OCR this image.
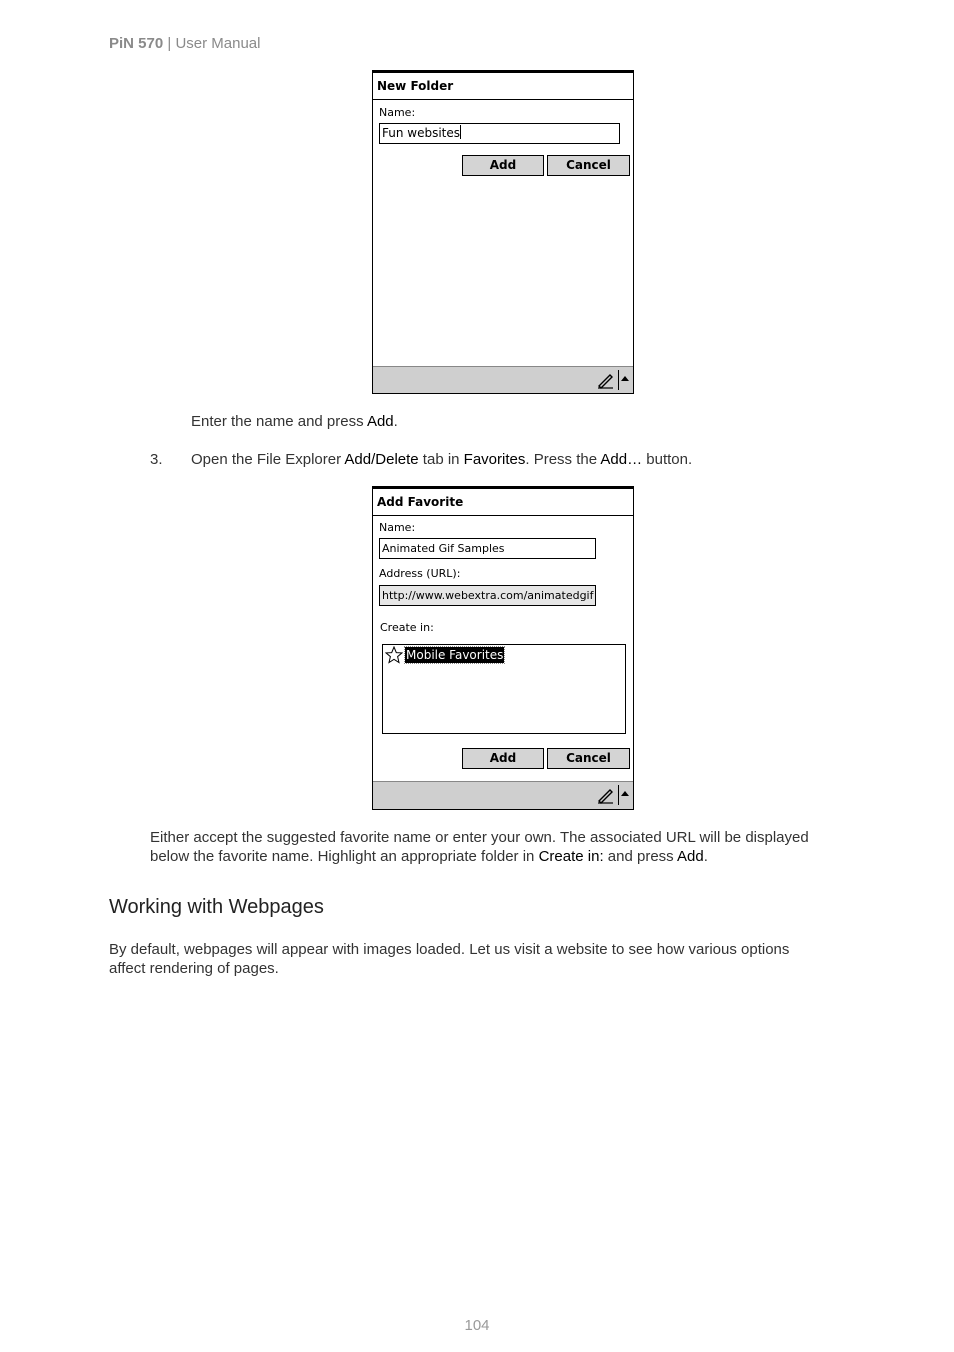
PiN 570 | User Manual
New Folder
Name:
Fun websites
Add	Cancel
Enter the name and press Add.
3. Open the File Explorer Add/Delete tab in Favorites. Press the Add… button.
Add Favorite
Name:
Animated Gif Samples
Address (URL):
http://www.webextra.com/animatedgif
Create in:
Mobile Favorites
Add	Cancel
Either accept the suggested favorite name or enter your own. The associated URL will be displayed
below the favorite name. Highlight an appropriate folder in Create in: and press Add.
Working with Webpages
By default, webpages will appear with images loaded. Let us visit a website to see how various options
affect rendering of pages.
104
